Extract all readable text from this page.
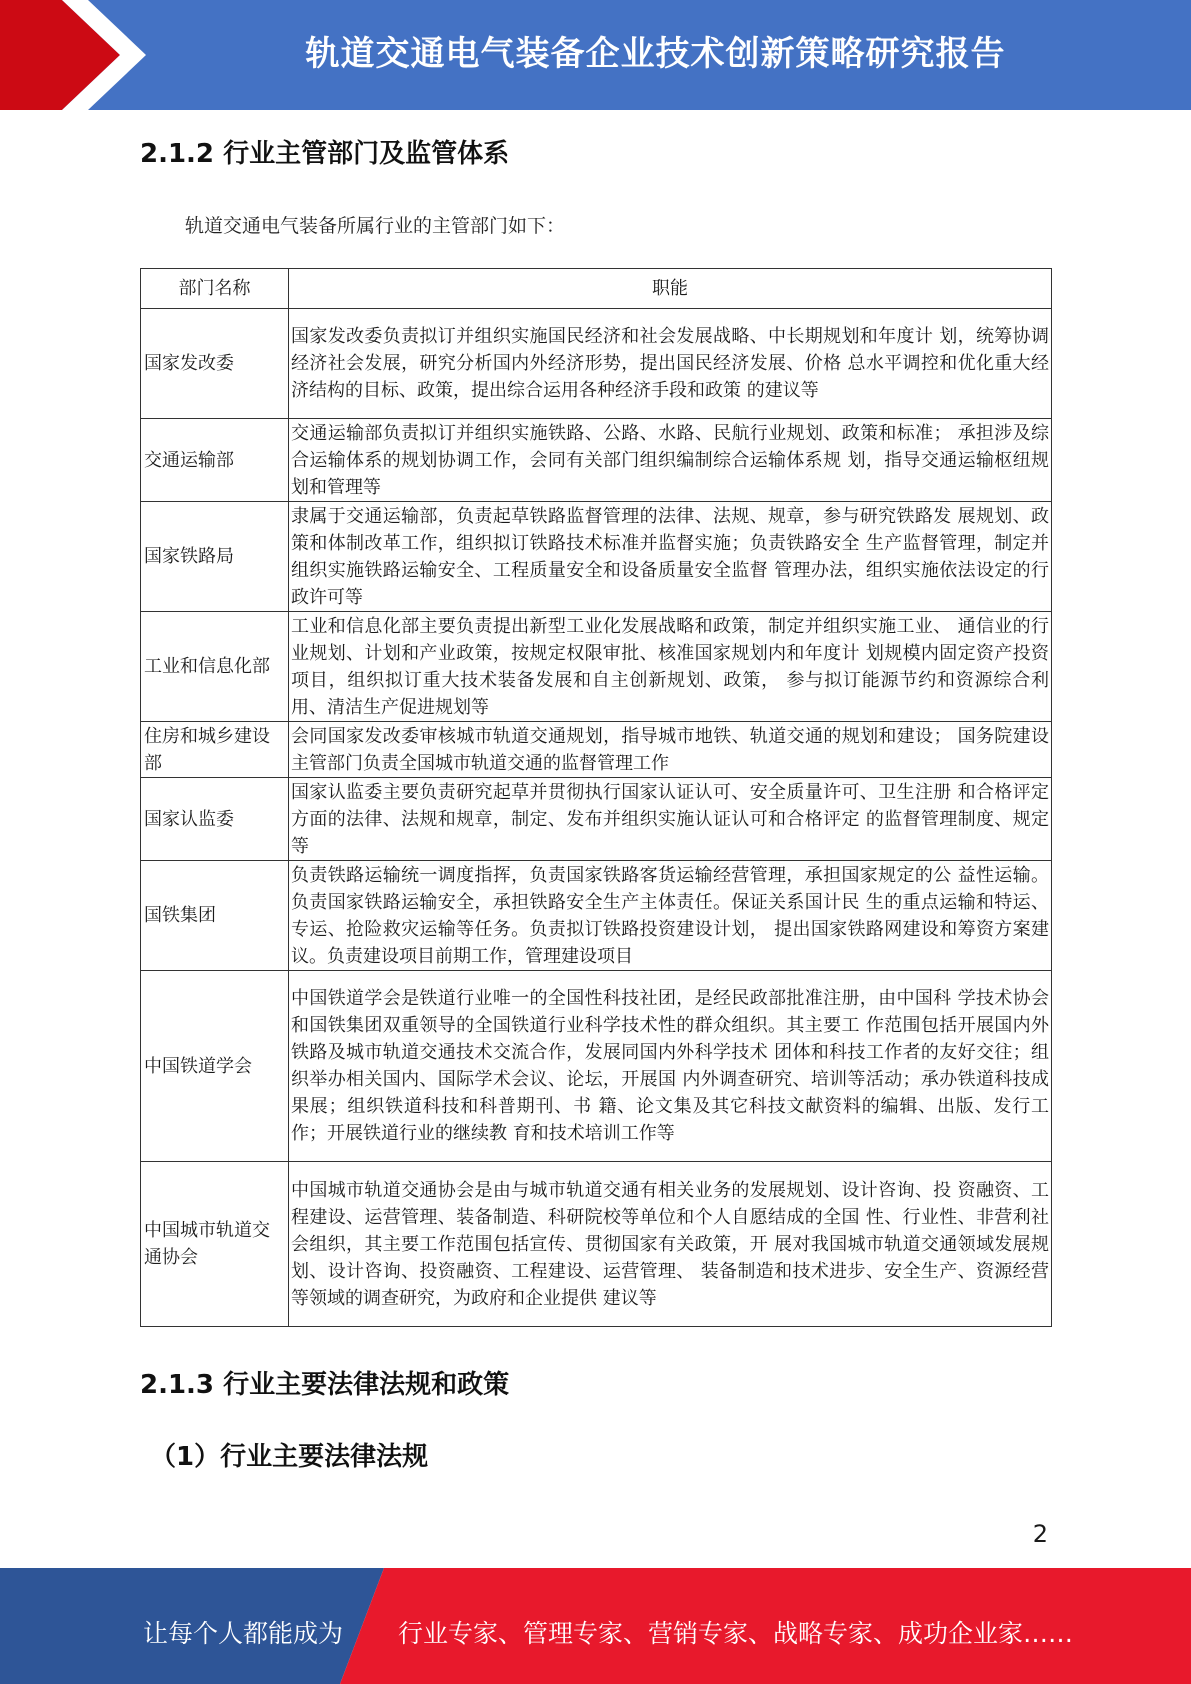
轨道交通电气装备企业技术创新策略研究报告
2.1.2 行业主管部门及监管体系
轨道交通电气装备所属行业的主管部门如下：
部门名称	职能
国家发改委	国家发改委负责拟订并组织实施国民经济和社会发展战略、中长期规划和年度计 划，统筹协调经济社会发展，研究分析国内外经济形势，提出国民经济发展、价格 总水平调控和优化重大经济结构的目标、政策，提出综合运用各种经济手段和政策 的建议等
交通运输部	交通运输部负责拟订并组织实施铁路、公路、水路、民航行业规划、政策和标准； 承担涉及综合运输体系的规划协调工作，会同有关部门组织编制综合运输体系规 划，指导交通运输枢纽规划和管理等
国家铁路局	隶属于交通运输部，负责起草铁路监督管理的法律、法规、规章，参与研究铁路发 展规划、政策和体制改革工作，组织拟订铁路技术标准并监督实施；负责铁路安全 生产监督管理，制定并组织实施铁路运输安全、工程质量安全和设备质量安全监督 管理办法，组织实施依法设定的行政许可等
工业和信息化部	工业和信息化部主要负责提出新型工业化发展战略和政策，制定并组织实施工业、 通信业的行业规划、计划和产业政策，按规定权限审批、核准国家规划内和年度计 划规模内固定资产投资项目，组织拟订重大技术装备发展和自主创新规划、政策， 参与拟订能源节约和资源综合利用、清洁生产促进规划等
住房和城乡建设部	会同国家发改委审核城市轨道交通规划，指导城市地铁、轨道交通的规划和建设； 国务院建设主管部门负责全国城市轨道交通的监督管理工作
国家认监委	国家认监委主要负责研究起草并贯彻执行国家认证认可、安全质量许可、卫生注册 和合格评定方面的法律、法规和规章，制定、发布并组织实施认证认可和合格评定 的监督管理制度、规定等
国铁集团	负责铁路运输统一调度指挥，负责国家铁路客货运输经营管理，承担国家规定的公 益性运输。负责国家铁路运输安全，承担铁路安全生产主体责任。保证关系国计民 生的重点运输和特运、专运、抢险救灾运输等任务。负责拟订铁路投资建设计划， 提出国家铁路网建设和筹资方案建议。负责建设项目前期工作，管理建设项目
中国铁道学会	中国铁道学会是铁道行业唯一的全国性科技社团，是经民政部批准注册，由中国科 学技术协会和国铁集团双重领导的全国铁道行业科学技术性的群众组织。其主要工 作范围包括开展国内外铁路及城市轨道交通技术交流合作，发展同国内外科学技术 团体和科技工作者的友好交往；组织举办相关国内、国际学术会议、论坛，开展国 内外调查研究、培训等活动；承办铁道科技成果展；组织铁道科技和科普期刊、书 籍、论文集及其它科技文献资料的编辑、出版、发行工作；开展铁道行业的继续教 育和技术培训工作等
中国城市轨道交通协会	中国城市轨道交通协会是由与城市轨道交通有相关业务的发展规划、设计咨询、投 资融资、工程建设、运营管理、装备制造、科研院校等单位和个人自愿结成的全国 性、行业性、非营利社会组织，其主要工作范围包括宣传、贯彻国家有关政策，开 展对我国城市轨道交通领域发展规划、设计咨询、投资融资、工程建设、运营管理、 装备制造和技术进步、安全生产、资源经营等领域的调查研究，为政府和企业提供 建议等
2.1.3 行业主要法律法规和政策
（1）行业主要法律法规
2
让每个人都能成为 行业专家、管理专家、营销专家、战略专家、成功企业家……
